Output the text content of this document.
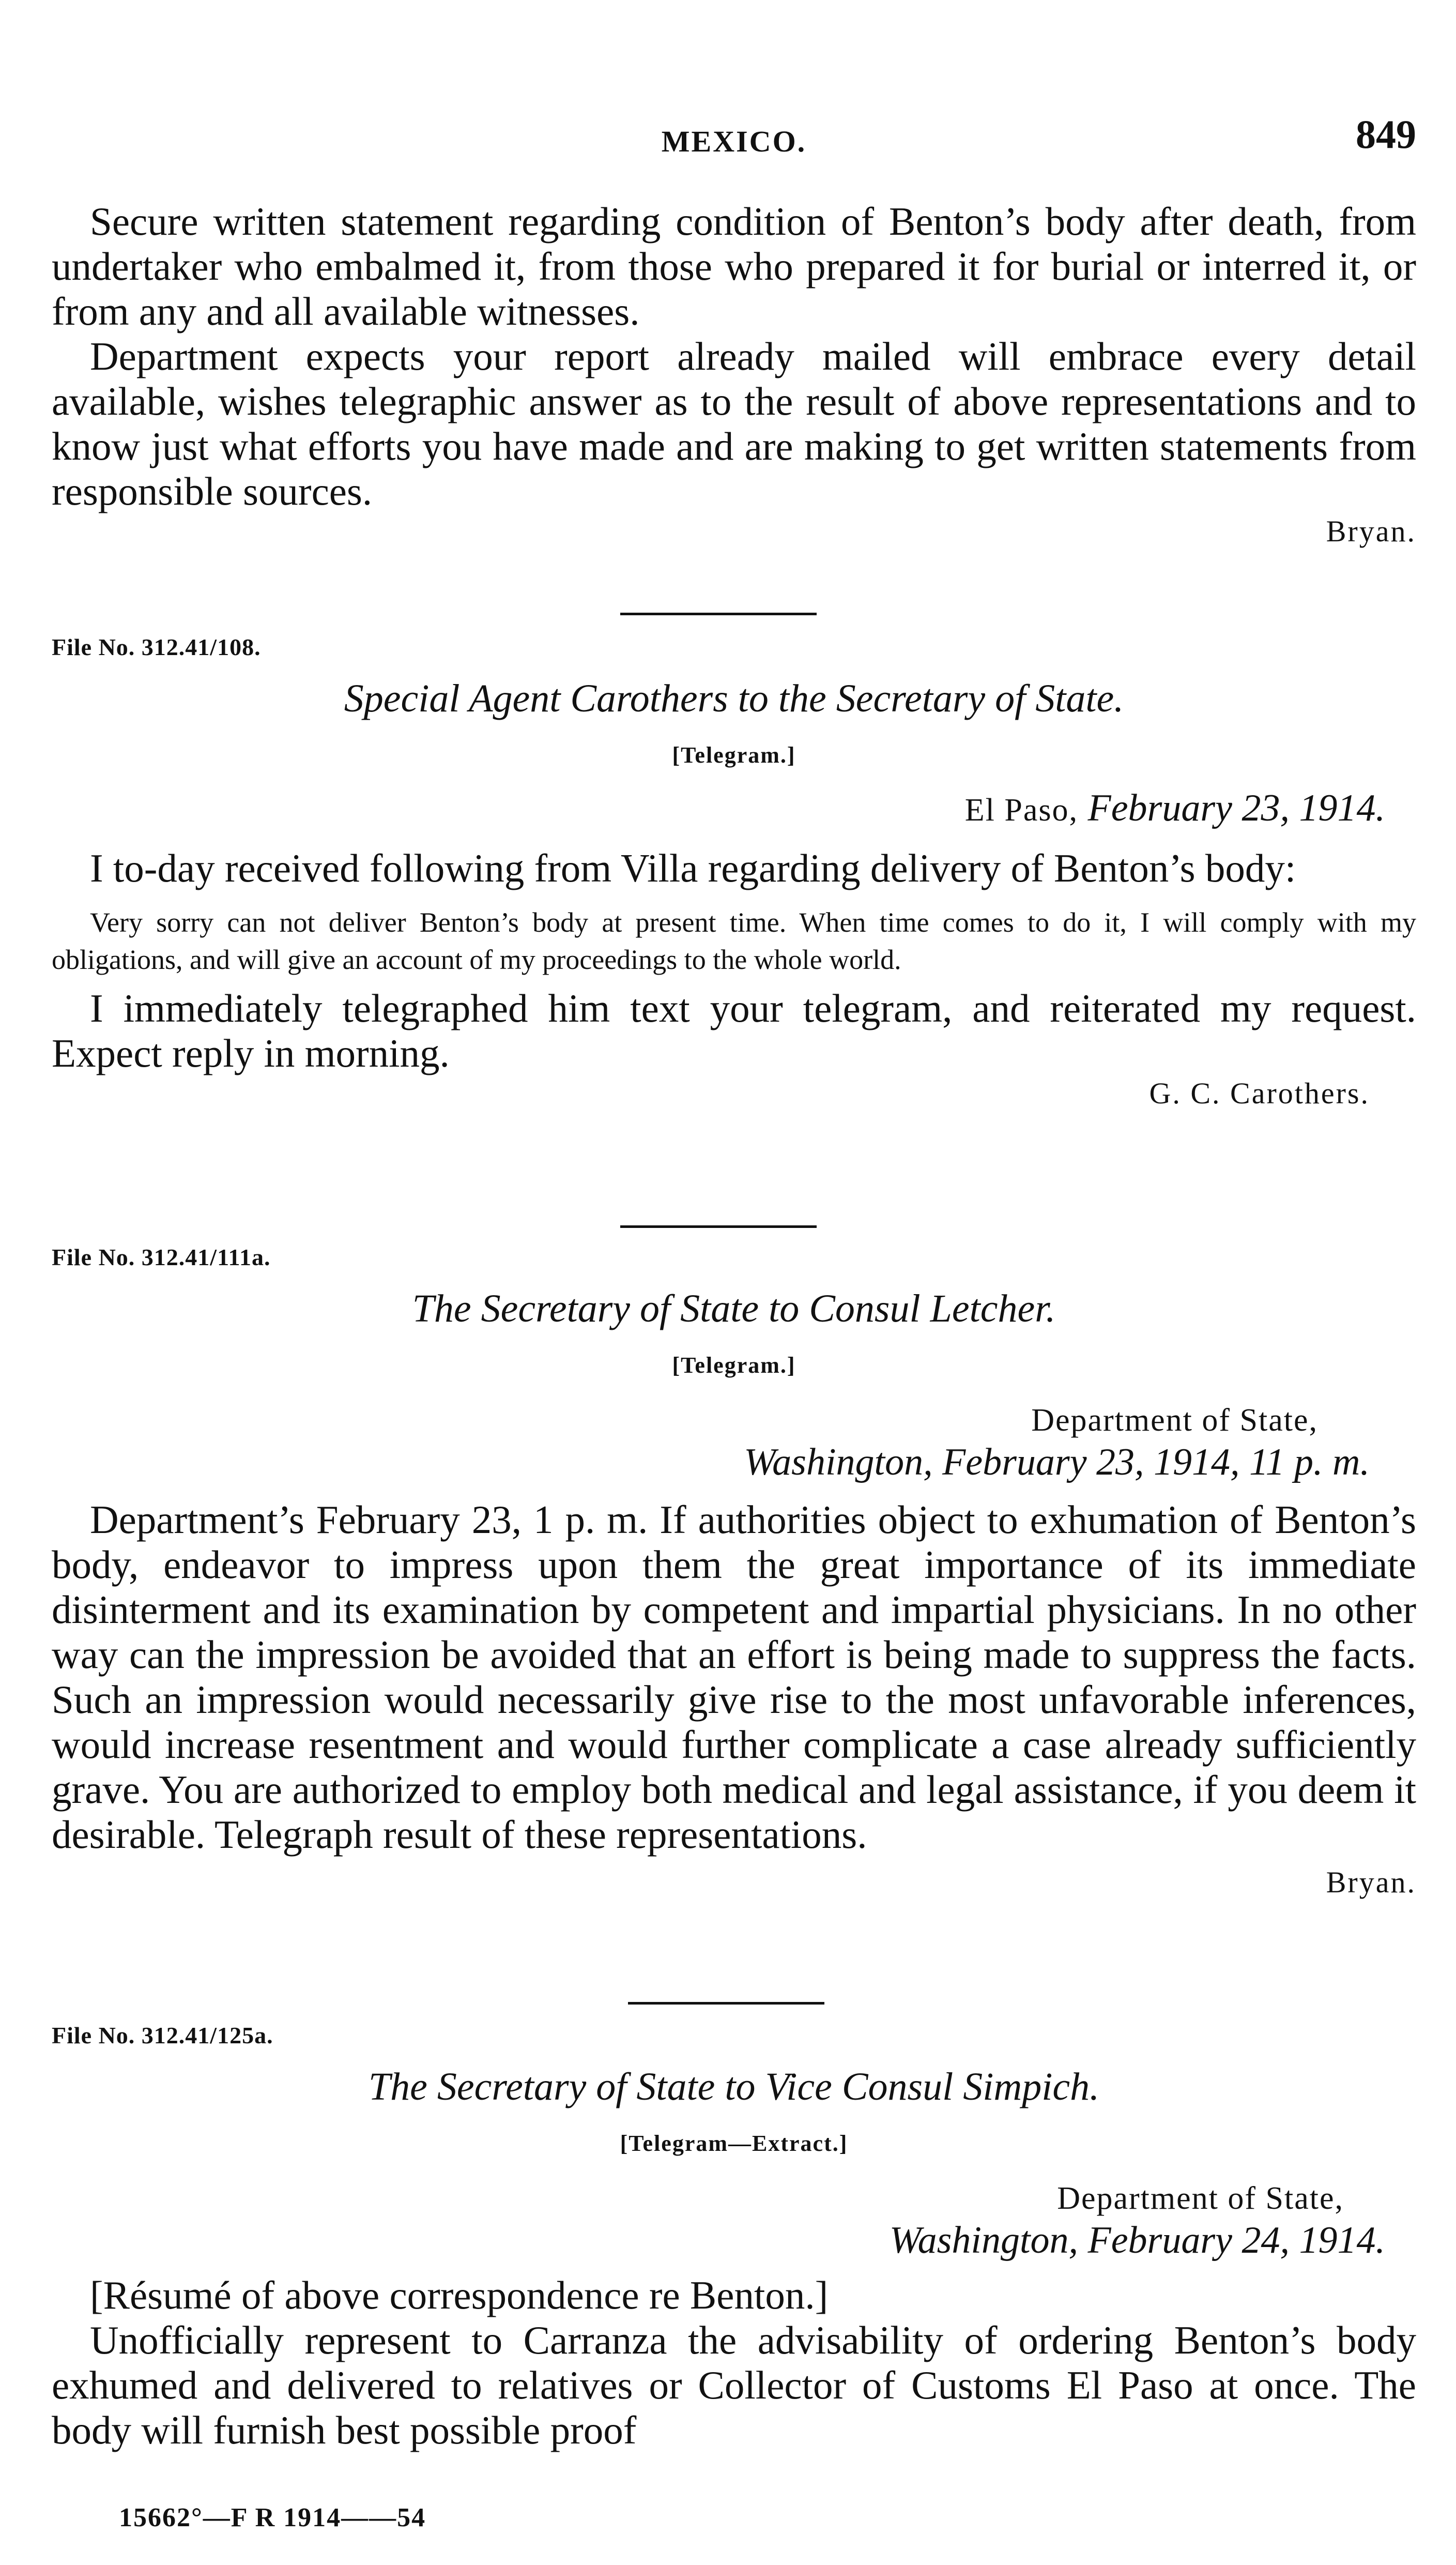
MEXICO.	849

Secure written statement regarding condition of Benton’s body after death, from undertaker who embalmed it, from those who prepared it for burial or interred it, or from any and all available witnesses.

Department expects your report already mailed will embrace every detail available, wishes telegraphic answer as to the result of above representations and to know just what efforts you have made and are making to get written statements from responsible sources.

Bryan.
File No. 312.41/108.
Special Agent Carothers to the Secretary of State.
[Telegram.]
El Paso, February 23, 1914.

I to-day received following from Villa regarding delivery of Benton’s body:

Very sorry can not deliver Benton’s body at present time. When time comes to do it, I will comply with my obligations, and will give an account of my proceedings to the whole world.

I immediately telegraphed him text your telegram, and reiterated my request. Expect reply in morning.

G. C. Carothers.
File No. 312.41/111a.
The Secretary of State to Consul Letcher.
[Telegram.]
Department of State,
Washington, February 23, 1914, 11 p. m.

Department’s February 23, 1 p. m. If authorities object to exhumation of Benton’s body, endeavor to impress upon them the great importance of its immediate disinterment and its examination by competent and impartial physicians. In no other way can the impression be avoided that an effort is being made to suppress the facts. Such an impression would necessarily give rise to the most unfavorable inferences, would increase resentment and would further complicate a case already sufficiently grave. You are authorized to employ both medical and legal assistance, if you deem it desirable. Telegraph result of these representations.

Bryan.
File No. 312.41/125a.
The Secretary of State to Vice Consul Simpich.
[Telegram—Extract.]
Department of State,
Washington, February 24, 1914.

[Résumé of above correspondence re Benton.]

Unofficially represent to Carranza the advisability of ordering Benton’s body exhumed and delivered to relatives or Collector of Customs El Paso at once. The body will furnish best possible proof

15662°—F R 1914——54
